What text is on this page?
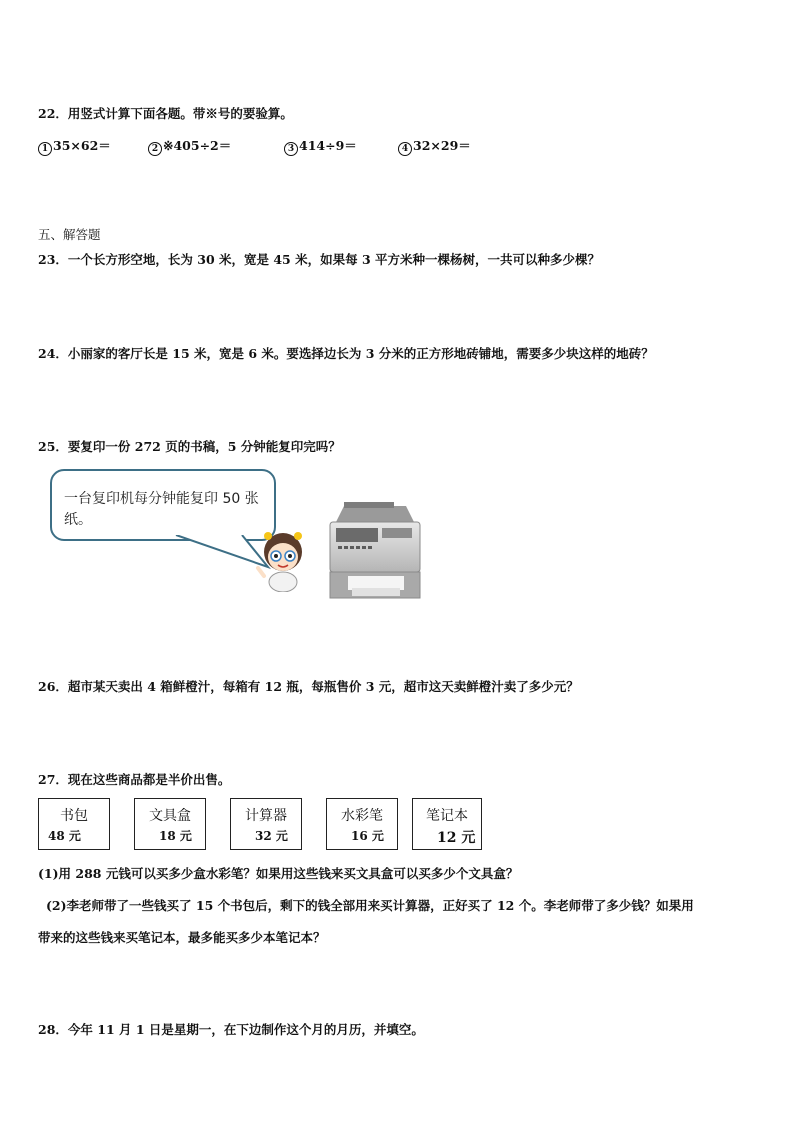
22．用竖式计算下面各题。带※号的要验算。
1 35×62＝	2 ※405÷2＝	3 414÷9＝	4 32×29＝
五、解答题
23．一个长方形空地，长为 30 米，宽是 45 米，如果每 3 平方米种一棵杨树，一共可以种多少棵？
24．小丽家的客厅长是 15 米，宽是 6 米。要选择边长为 3 分米的正方形地砖铺地，需要多少块这样的地砖？
25．要复印一份 272 页的书稿，5 分钟能复印完吗？
一台复印机每分钟能复印 50 张纸。
26．超市某天卖出 4 箱鲜橙汁，每箱有 12 瓶，每瓶售价 3 元，超市这天卖鲜橙汁卖了多少元？
27．现在这些商品都是半价出售。
书包
48 元
文具盒
18 元
计算器
32 元
水彩笔
16 元
笔记本
12 元
(1)用 288 元钱可以买多少盒水彩笔？如果用这些钱来买文具盒可以买多少个文具盒？
(2)李老师带了一些钱买了 15 个书包后，剩下的钱全部用来买计算器，正好买了 12 个。李老师带了多少钱？如果用
带来的这些钱来买笔记本，最多能买多少本笔记本？
28．今年 11 月 1 日是星期一，在下边制作这个月的月历，并填空。
